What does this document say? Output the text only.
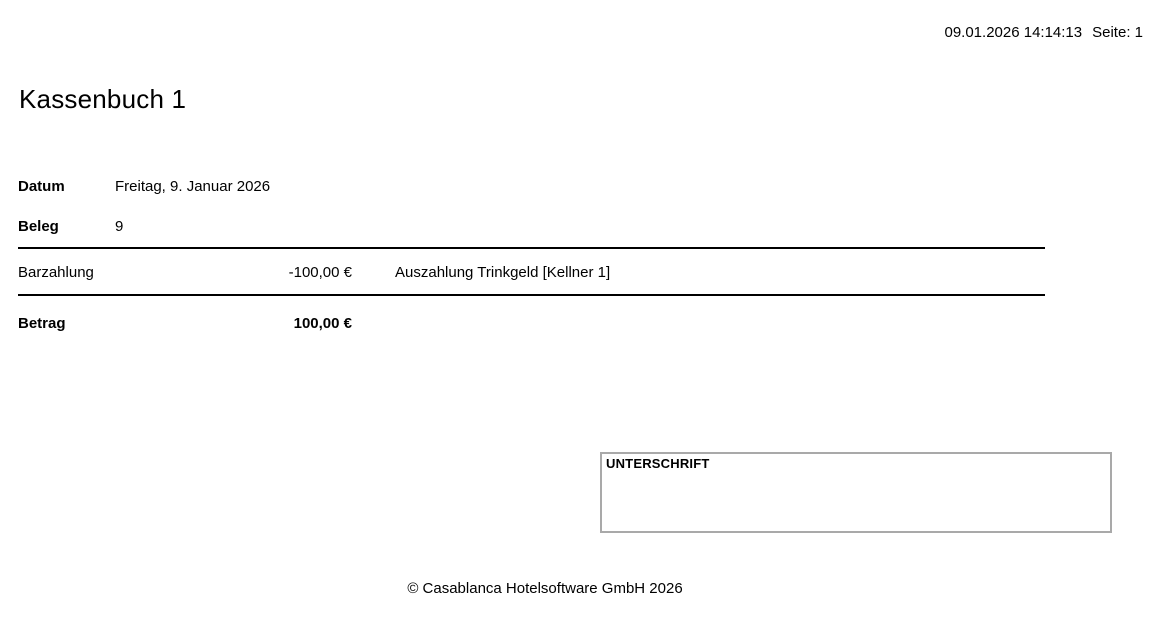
09.01.2026 14:14:13 Seite: 1
Kassenbuch 1
Datum	Freitag, 9. Januar 2026
Beleg	9
Barzahlung	-100,00 €	Auszahlung Trinkgeld [Kellner 1]
Betrag	100,00 €
UNTERSCHRIFT
© Casablanca Hotelsoftware GmbH 2026
